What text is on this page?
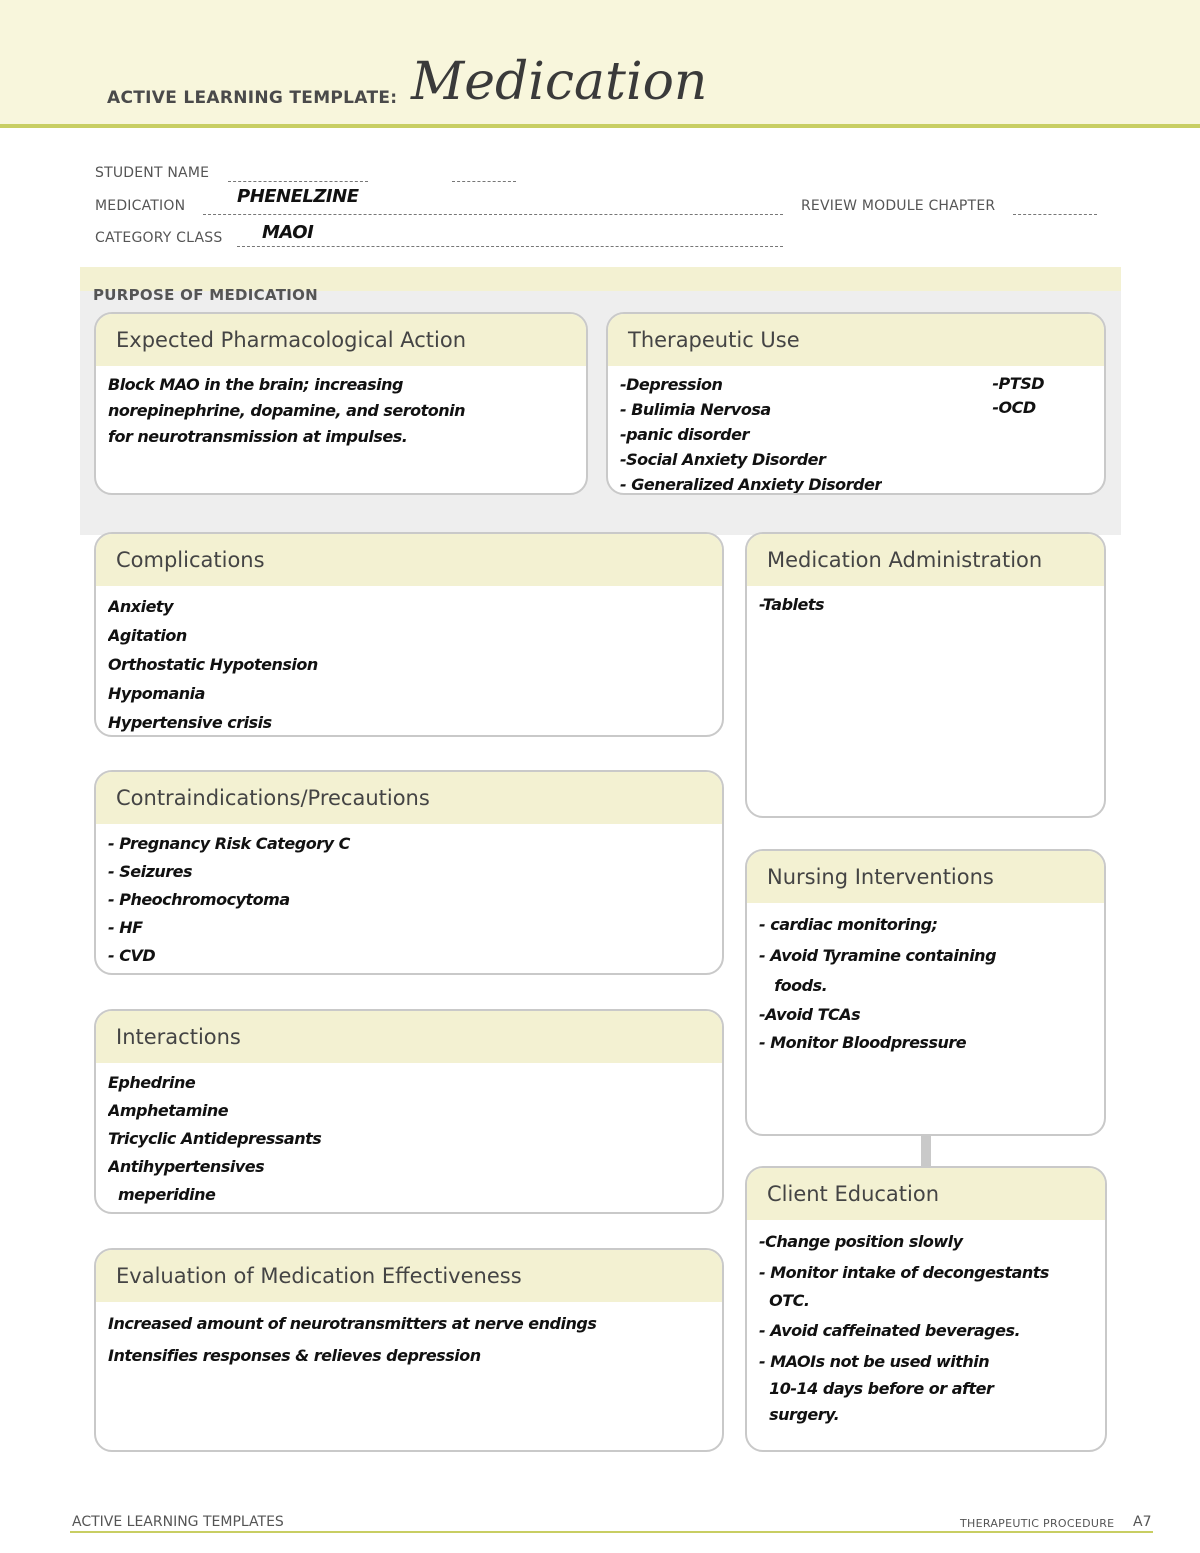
ACTIVE LEARNING TEMPLATE: Medication
STUDENT NAME
MEDICATION	PHENELZINE	REVIEW MODULE CHAPTER
CATEGORY CLASS MAOI
PURPOSE OF MEDICATION
Expected Pharmacological Action
Block MAO in the brain; increasing
norepinephrine, dopamine, and serotonin
for neurotransmission at impulses.
Therapeutic Use
-Depression
- Bulimia Nervosa
-panic disorder
-Social Anxiety Disorder
- Generalized Anxiety Disorder
-PTSD
-OCD
Complications
Anxiety
Agitation
Orthostatic Hypotension
Hypomania
Hypertensive crisis
Medication Administration
-Tablets
Contraindications/Precautions
- Pregnancy Risk Category C
- Seizures
- Pheochromocytoma
- HF
- CVD
Nursing Interventions
- cardiac monitoring;
- Avoid Tyramine containing
foods.
-Avoid TCAs
- Monitor Bloodpressure
Interactions
Ephedrine
Amphetamine
Tricyclic Antidepressants
Antihypertensives
meperidine	Client Education
-Change position slowly
- Monitor intake of decongestants
OTC.
- Avoid caffeinated beverages.
- MAOIs not be used within
10-14 days before or after
surgery.
Evaluation of Medication Effectiveness
Increased amount of neurotransmitters at nerve endings
Intensifies responses & relieves depression
ACTIVE LEARNING TEMPLATES	THERAPEUTIC PROCEDURE A7
